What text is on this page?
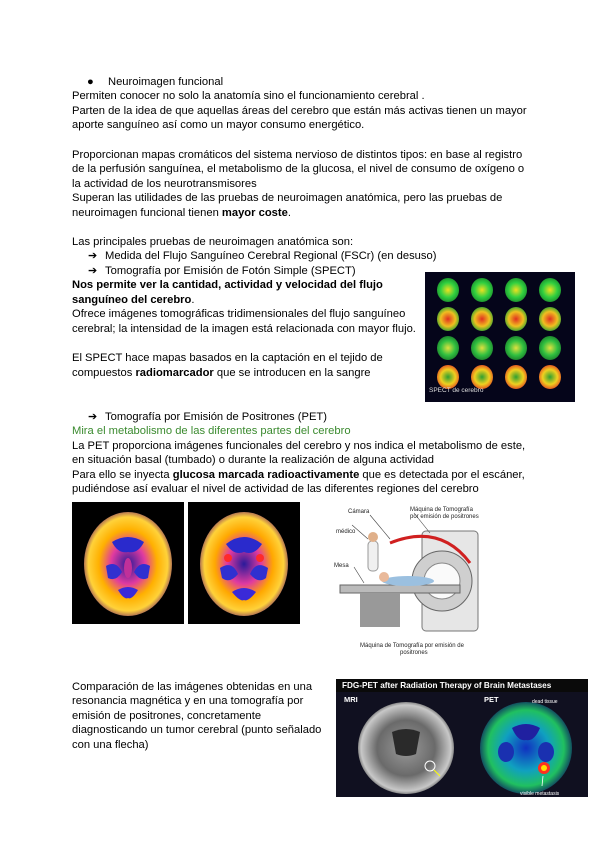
● Neuroimagen funcional
Permiten conocer no solo la anatomía sino el funcionamiento cerebral .
Parten de la idea de que aquellas áreas del cerebro que están más activas tienen un mayor
aporte sanguíneo así como un mayor consumo energético.
Proporcionan mapas cromáticos del sistema nervioso de distintos tipos: en base al registro
de la perfusión sanguínea, el metabolismo de la glucosa, el nivel de consumo de oxígeno o
la actividad de los neurotransmisores
Superan las utilidades de las pruebas de neuroimagen anatómica, pero las pruebas de
neuroimagen funcional tienen mayor coste.
Las principales pruebas de neuroimagen anatómica son:
➔ Medida del Flujo Sanguíneo Cerebral Regional (FSCr) (en desuso)
➔ Tomografía por Emisión de Fotón Simple (SPECT)
Nos permite ver la cantidad, actividad y velocidad del flujo
sanguíneo del cerebro.
Ofrece imágenes tomográficas tridimensionales del flujo sanguíneo
cerebral; la intensidad de la imagen está relacionada con mayor flujo.
El SPECT hace mapas basados en la captación en el tejido de
compuestos radiomarcador que se introducen en la sangre
SPECT de cerebro
➔ Tomografía por Emisión de Positrones (PET)
Mira el metabolismo de las diferentes partes del cerebro
La PET proporciona imágenes funcionales del cerebro y nos indica el metabolismo de este,
en situación basal (tumbado) o durante la realización de alguna actividad
Para ello se inyecta glucosa marcada radioactivamente que es detectada por el escáner,
pudiéndose así evaluar el nivel de actividad de las diferentes regiones del cerebro
Cámara	Máquina de Tomografía
por emisión de positrones
médico
Mesa
Máquina de Tomografía por emisión de
positrones
Comparación de las imágenes obtenidas en una
resonancia magnética y en una tomografía por
emisión de positrones, concretamente
diagnosticando un tumor cerebral (punto señalado
con una flecha)
FDG-PET after Radiation Therapy of Brain Metastases
MRI	PET	dead tissue
visible metastasis
